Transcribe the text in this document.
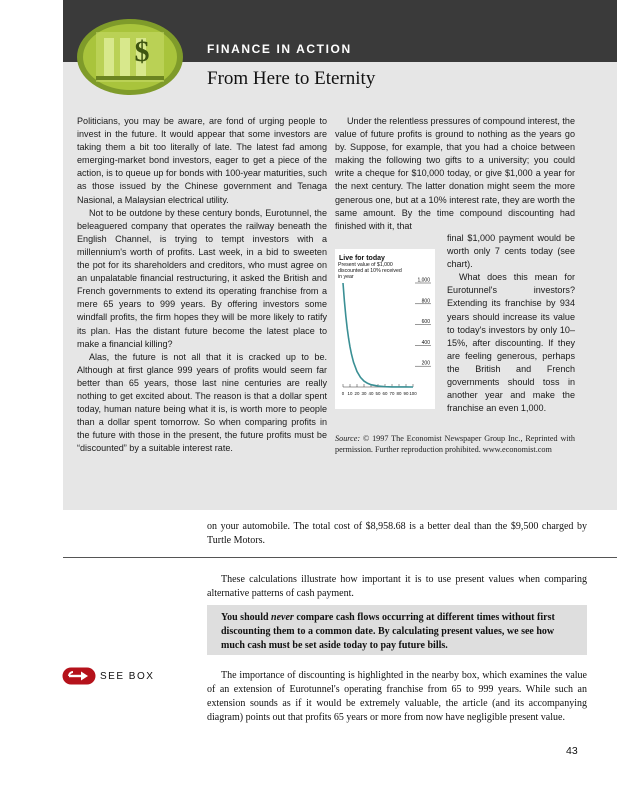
$	FINANCE IN ACTION
From Here to Eternity

Politicians, you may be aware, are fond of urging people to invest in the future. It would appear that some investors are taking them a bit too literally of late. The latest fad among emerging-market bond investors, eager to get a piece of the action, is to queue up for bonds with 100-year maturities, such as those issued by the Chinese government and Tenaga Nasional, a Malaysian electrical utility.

Not to be outdone by these century bonds, Eurotunnel, the beleaguered company that operates the railway beneath the English Channel, is trying to tempt investors with a millennium's worth of profits. Last week, in a bid to sweeten the pot for its shareholders and creditors, who must agree on an unpalatable financial restructuring, it asked the British and French governments to extend its operating franchise from a mere 65 years to 999 years. By offering investors some windfall profits, the firm hopes they will be more likely to ratify its plan. Has the distant future become the latest place to make a financial killing?

Alas, the future is not all that it is cracked up to be. Although at first glance 999 years of profits would seem far better than 65 years, those last nine centuries are really nothing to get excited about. The reason is that a dollar spent today, human nature being what it is, is worth more to people than a dollar spent tomorrow. So when comparing profits in the future with those in the present, the future profits must be “discounted” by a suitable interest rate.

Under the relentless pressures of compound interest, the value of future profits is ground to nothing as the years go by. Suppose, for example, that you had a choice between making the following two gifts to a university; you could write a cheque for $10,000 today, or give $1,000 a year for the next century. The latter donation might seem the more generous one, but at a 10% interest rate, they are worth the same amount. By the time compound discounting had finished with it, that

final $1,000 payment would be worth only 7 cents today (see chart).

What does this mean for Eurotunnel's investors? Extending its franchise by 934 years should increase its value to today's investors by only 10–15%, after discounting. If they are feeling generous, perhaps the British and French governments should toss in another year and make the franchise an even 1,000.

Live for today
Present value of $1,000 discounted at 10% received in year
1,000
800
600
400
200
0 10 20 30 40 50 60 70 80 90 100
Source: © 1997 The Economist Newspaper Group Inc., Reprinted with permission. Further reproduction prohibited. www.economist.com
on your automobile. The total cost of $8,958.68 is a better deal than the $9,500 charged by Turtle Motors.
These calculations illustrate how important it is to use present values when comparing alternative patterns of cash payment.
You should never compare cash flows occurring at different times without first discounting them to a common date. By calculating present values, we see how much cash must be set aside today to pay future bills.
SEE BOX	The importance of discounting is highlighted in the nearby box, which examines the value of an extension of Eurotunnel's operating franchise from 65 to 999 years. While such an extension sounds as if it would be extremely valuable, the article (and its accompanying diagram) points out that profits 65 years or more from now have negligible present value.
43
